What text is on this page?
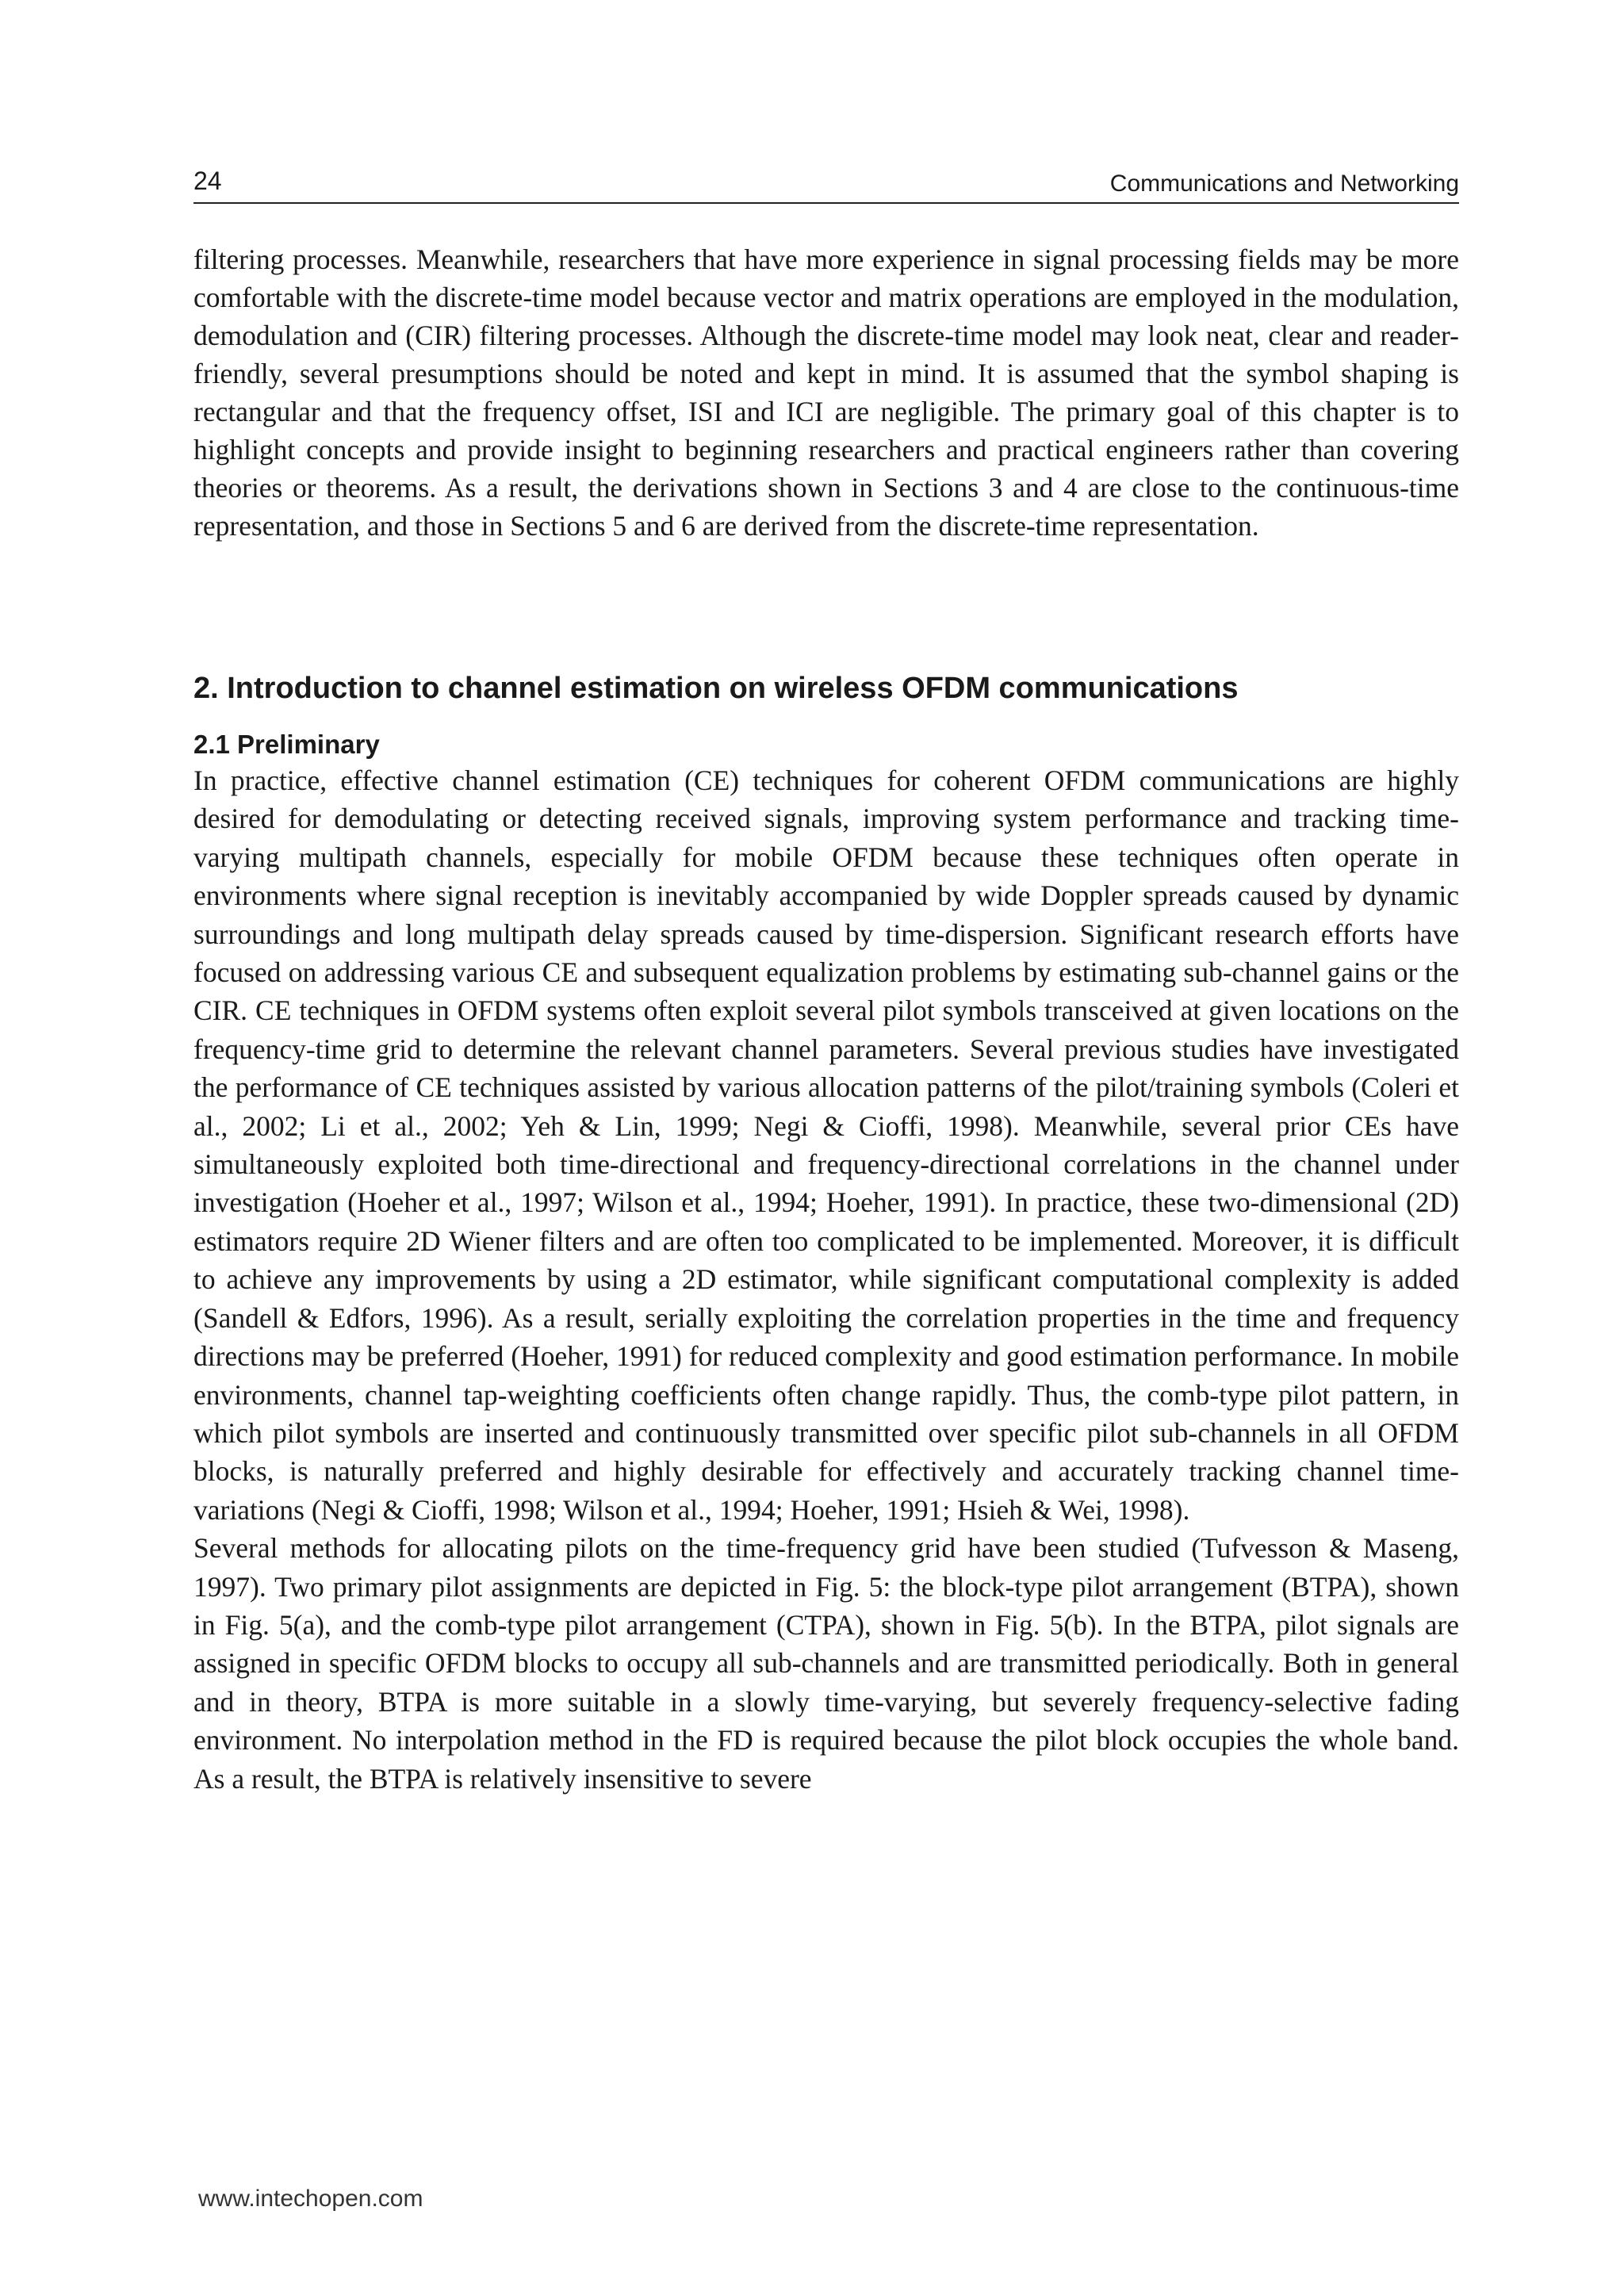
24	Communications and Networking

filtering processes. Meanwhile, researchers that have more experience in signal processing fields may be more comfortable with the discrete-time model because vector and matrix operations are employed in the modulation, demodulation and (CIR) filtering processes. Although the discrete-time model may look neat, clear and reader-friendly, several presumptions should be noted and kept in mind. It is assumed that the symbol shaping is rectangular and that the frequency offset, ISI and ICI are negligible. The primary goal of this chapter is to highlight concepts and provide insight to beginning researchers and practical engineers rather than covering theories or theorems. As a result, the derivations shown in Sections 3 and 4 are close to the continuous-time representation, and those in Sections 5 and 6 are derived from the discrete-time representation.

2. Introduction to channel estimation on wireless OFDM communications
2.1 Preliminary

In practice, effective channel estimation (CE) techniques for coherent OFDM communications are highly desired for demodulating or detecting received signals, improving system performance and tracking time-varying multipath channels, especially for mobile OFDM because these techniques often operate in environments where signal reception is inevitably accompanied by wide Doppler spreads caused by dynamic surroundings and long multipath delay spreads caused by time-dispersion. Significant research efforts have focused on addressing various CE and subsequent equalization problems by estimating sub-channel gains or the CIR. CE techniques in OFDM systems often exploit several pilot symbols transceived at given locations on the frequency-time grid to determine the relevant channel parameters. Several previous studies have investigated the performance of CE techniques assisted by various allocation patterns of the pilot/training symbols (Coleri et al., 2002; Li et al., 2002; Yeh & Lin, 1999; Negi & Cioffi, 1998). Meanwhile, several prior CEs have simultaneously exploited both time-directional and frequency-directional correlations in the channel under investigation (Hoeher et al., 1997; Wilson et al., 1994; Hoeher, 1991). In practice, these two-dimensional (2D) estimators require 2D Wiener filters and are often too complicated to be implemented. Moreover, it is difficult to achieve any improvements by using a 2D estimator, while significant computational complexity is added (Sandell & Edfors, 1996). As a result, serially exploiting the correlation properties in the time and frequency directions may be preferred (Hoeher, 1991) for reduced complexity and good estimation performance. In mobile environments, channel tap-weighting coefficients often change rapidly. Thus, the comb-type pilot pattern, in which pilot symbols are inserted and continuously transmitted over specific pilot sub-channels in all OFDM blocks, is naturally preferred and highly desirable for effectively and accurately tracking channel time-variations (Negi & Cioffi, 1998; Wilson et al., 1994; Hoeher, 1991; Hsieh & Wei, 1998).

Several methods for allocating pilots on the time-frequency grid have been studied (Tufvesson & Maseng, 1997). Two primary pilot assignments are depicted in Fig. 5: the block-type pilot arrangement (BTPA), shown in Fig. 5(a), and the comb-type pilot arrangement (CTPA), shown in Fig. 5(b). In the BTPA, pilot signals are assigned in specific OFDM blocks to occupy all sub-channels and are transmitted periodically. Both in general and in theory, BTPA is more suitable in a slowly time-varying, but severely frequency-selective fading environment. No interpolation method in the FD is required because the pilot block occupies the whole band. As a result, the BTPA is relatively insensitive to severe

www.intechopen.com
